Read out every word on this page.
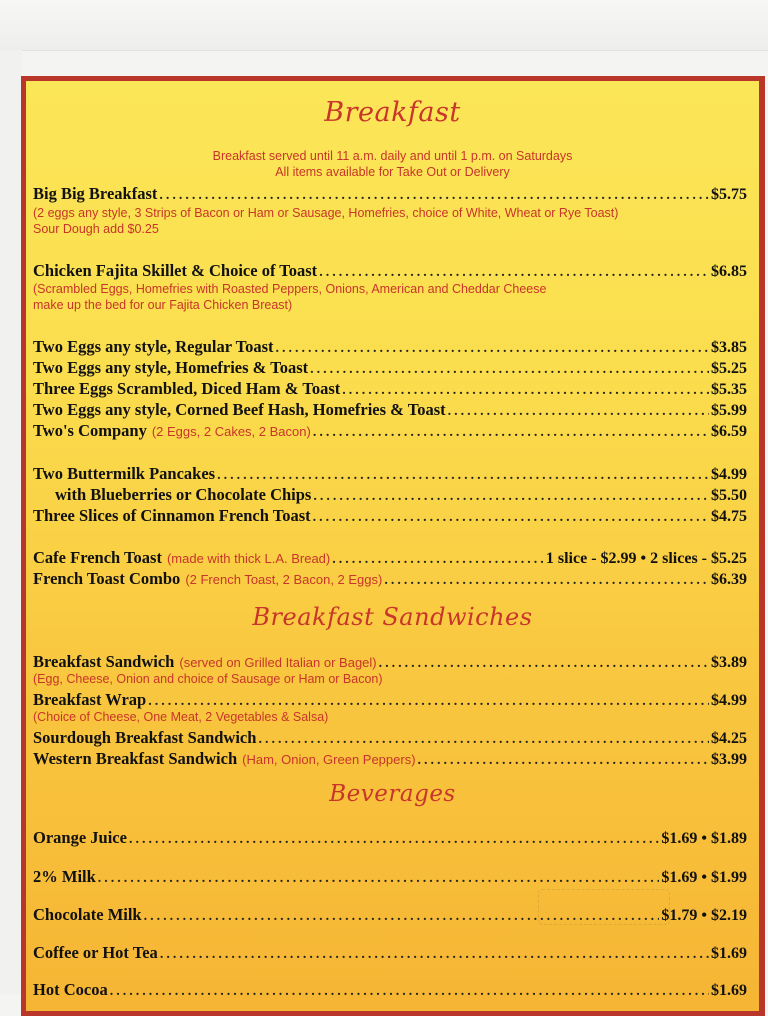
Breakfast
Breakfast served until 11 a.m. daily and until 1 p.m. on Saturdays
All items available for Take Out or Delivery
Big Big Breakfast .....	$5.75
(2 eggs any style, 3 Strips of Bacon or Ham or Sausage, Homefries, choice of White, Wheat or Rye Toast)
Sour Dough add $0.25
Chicken Fajita Skillet & Choice of Toast .....	$6.85
(Scrambled Eggs, Homefries with Roasted Peppers, Onions, American and Cheddar Cheese
make up the bed for our Fajita Chicken Breast)
Two Eggs any style, Regular Toast .....	$3.85
Two Eggs any style, Homefries & Toast .....	$5.25
Three Eggs Scrambled, Diced Ham & Toast .....	$5.35
Two Eggs any style, Corned Beef Hash, Homefries & Toast .....	$5.99
Two's Company (2 Eggs, 2 Cakes, 2 Bacon) .....	$6.59
Two Buttermilk Pancakes .....	$4.99
with Blueberries or Chocolate Chips .....	$5.50
Three Slices of Cinnamon French Toast .....	$4.75
Cafe French Toast (made with thick L.A. Bread) .....	1 slice - $2.99 • 2 slices - $5.25
French Toast Combo (2 French Toast, 2 Bacon, 2 Eggs) .....	$6.39
Breakfast Sandwiches
Breakfast Sandwich (served on Grilled Italian or Bagel) .....	$3.89
(Egg, Cheese, Onion and choice of Sausage or Ham or Bacon)
Breakfast Wrap .....	$4.99
(Choice of Cheese, One Meat, 2 Vegetables & Salsa)
Sourdough Breakfast Sandwich .....	$4.25
Western Breakfast Sandwich (Ham, Onion, Green Peppers) .....	$3.99
Beverages
Orange Juice .....	$1.69 • $1.89
2% Milk .....	$1.69 • $1.99
Chocolate Milk .....	$1.79 • $2.19
Coffee or Hot Tea .....	$1.69
Hot Cocoa .....	$1.69
